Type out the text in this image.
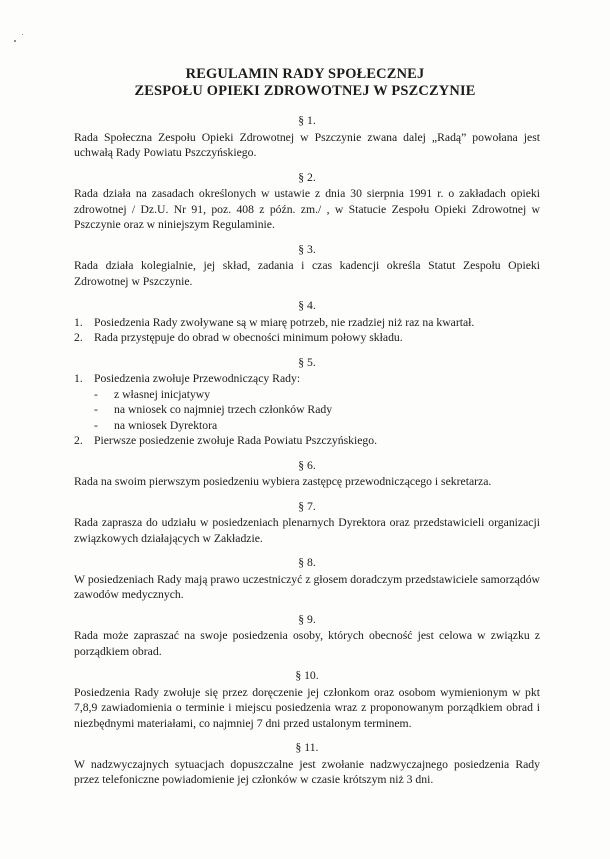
REGULAMIN RADY SPOŁECZNEJ
ZESPOŁU OPIEKI ZDROWOTNEJ W PSZCZYNIE
§ 1.
Rada Społeczna Zespołu Opieki Zdrowotnej w Pszczynie zwana dalej „Radą” powołana jest uchwałą Rady Powiatu Pszczyńskiego.
§ 2.
Rada działa na zasadach określonych w ustawie z dnia 30 sierpnia 1991 r. o zakładach opieki zdrowotnej / Dz.U. Nr 91, poz. 408 z późn. zm./ , w Statucie Zespołu Opieki Zdrowotnej w Pszczynie oraz w niniejszym Regulaminie.
§ 3.
Rada działa kolegialnie, jej skład, zadania i czas kadencji określa Statut Zespołu Opieki Zdrowotnej w Pszczynie.
§ 4.
1. Posiedzenia Rady zwoływane są w miarę potrzeb, nie rzadziej niż raz na kwartał.
2. Rada przystępuje do obrad w obecności minimum połowy składu.
§ 5.
1. Posiedzenia zwołuje Przewodniczący Rady:
-	z własnej inicjatywy
-	na wniosek co najmniej trzech członków Rady
-	na wniosek Dyrektora
2. Pierwsze posiedzenie zwołuje Rada Powiatu Pszczyńskiego.
§ 6.
Rada na swoim pierwszym posiedzeniu wybiera zastępcę przewodniczącego i sekretarza.
§ 7.
Rada zaprasza do udziału w posiedzeniach plenarnych Dyrektora oraz przedstawicieli organizacji związkowych działających w Zakładzie.
§ 8.
W posiedzeniach Rady mają prawo uczestniczyć z głosem doradczym przedstawiciele samorządów zawodów medycznych.
§ 9.
Rada może zapraszać na swoje posiedzenia osoby, których obecność jest celowa w związku z porządkiem obrad.
§ 10.
Posiedzenia Rady zwołuje się przez doręczenie jej członkom oraz osobom wymienionym w pkt 7,8,9 zawiadomienia o terminie i miejscu posiedzenia wraz z proponowanym porządkiem obrad i niezbędnymi materiałami, co najmniej 7 dni przed ustalonym terminem.
§ 11.
W nadzwyczajnych sytuacjach dopuszczalne jest zwołanie nadzwyczajnego posiedzenia Rady przez telefoniczne powiadomienie jej członków w czasie krótszym niż 3 dni.
